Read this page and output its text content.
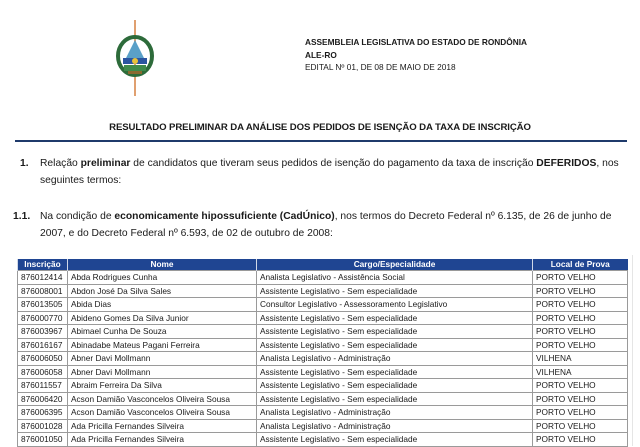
ASSEMBLEIA LEGISLATIVA DO ESTADO DE RONDÔNIA
ALE-RO
EDITAL Nº 01, DE 08 DE MAIO DE 2018
RESULTADO PRELIMINAR DA ANÁLISE DOS PEDIDOS DE ISENÇÃO DA TAXA DE INSCRIÇÃO
1. Relação preliminar de candidatos que tiveram seus pedidos de isenção do pagamento da taxa de inscrição DEFERIDOS, nos seguintes termos:
1.1. Na condição de economicamente hipossuficiente (CadÚnico), nos termos do Decreto Federal nº 6.135, de 26 de junho de 2007, e do Decreto Federal nº 6.593, de 02 de outubro de 2008:
Inscrição	Nome	Cargo/Especialidade	Local de Prova
876012414	Abda Rodrigues Cunha	Analista Legislativo - Assistência Social	PORTO VELHO
876008001	Abdon José Da Silva Sales	Assistente Legislativo - Sem especialidade	PORTO VELHO
876013505	Abida Dias	Consultor Legislativo - Assessoramento Legislativo	PORTO VELHO
876000770	Abideno Gomes Da Silva Junior	Assistente Legislativo - Sem especialidade	PORTO VELHO
876003967	Abimael Cunha De Souza	Assistente Legislativo - Sem especialidade	PORTO VELHO
876016167	Abinadabe Mateus Pagani Ferreira	Assistente Legislativo - Sem especialidade	PORTO VELHO
876006050	Abner Davi Mollmann	Analista Legislativo - Administração	VILHENA
876006058	Abner Davi Mollmann	Assistente Legislativo - Sem especialidade	VILHENA
876011557	Abraim Ferreira Da Silva	Assistente Legislativo - Sem especialidade	PORTO VELHO
876006420	Acson Damião Vasconcelos Oliveira Sousa	Assistente Legislativo - Sem especialidade	PORTO VELHO
876006395	Acson Damião Vasconcelos Oliveira Sousa	Analista Legislativo - Administração	PORTO VELHO
876001028	Ada Pricilla Fernandes Silveira	Analista Legislativo - Administração	PORTO VELHO
876001050	Ada Pricilla Fernandes Silveira	Assistente Legislativo - Sem especialidade	PORTO VELHO
